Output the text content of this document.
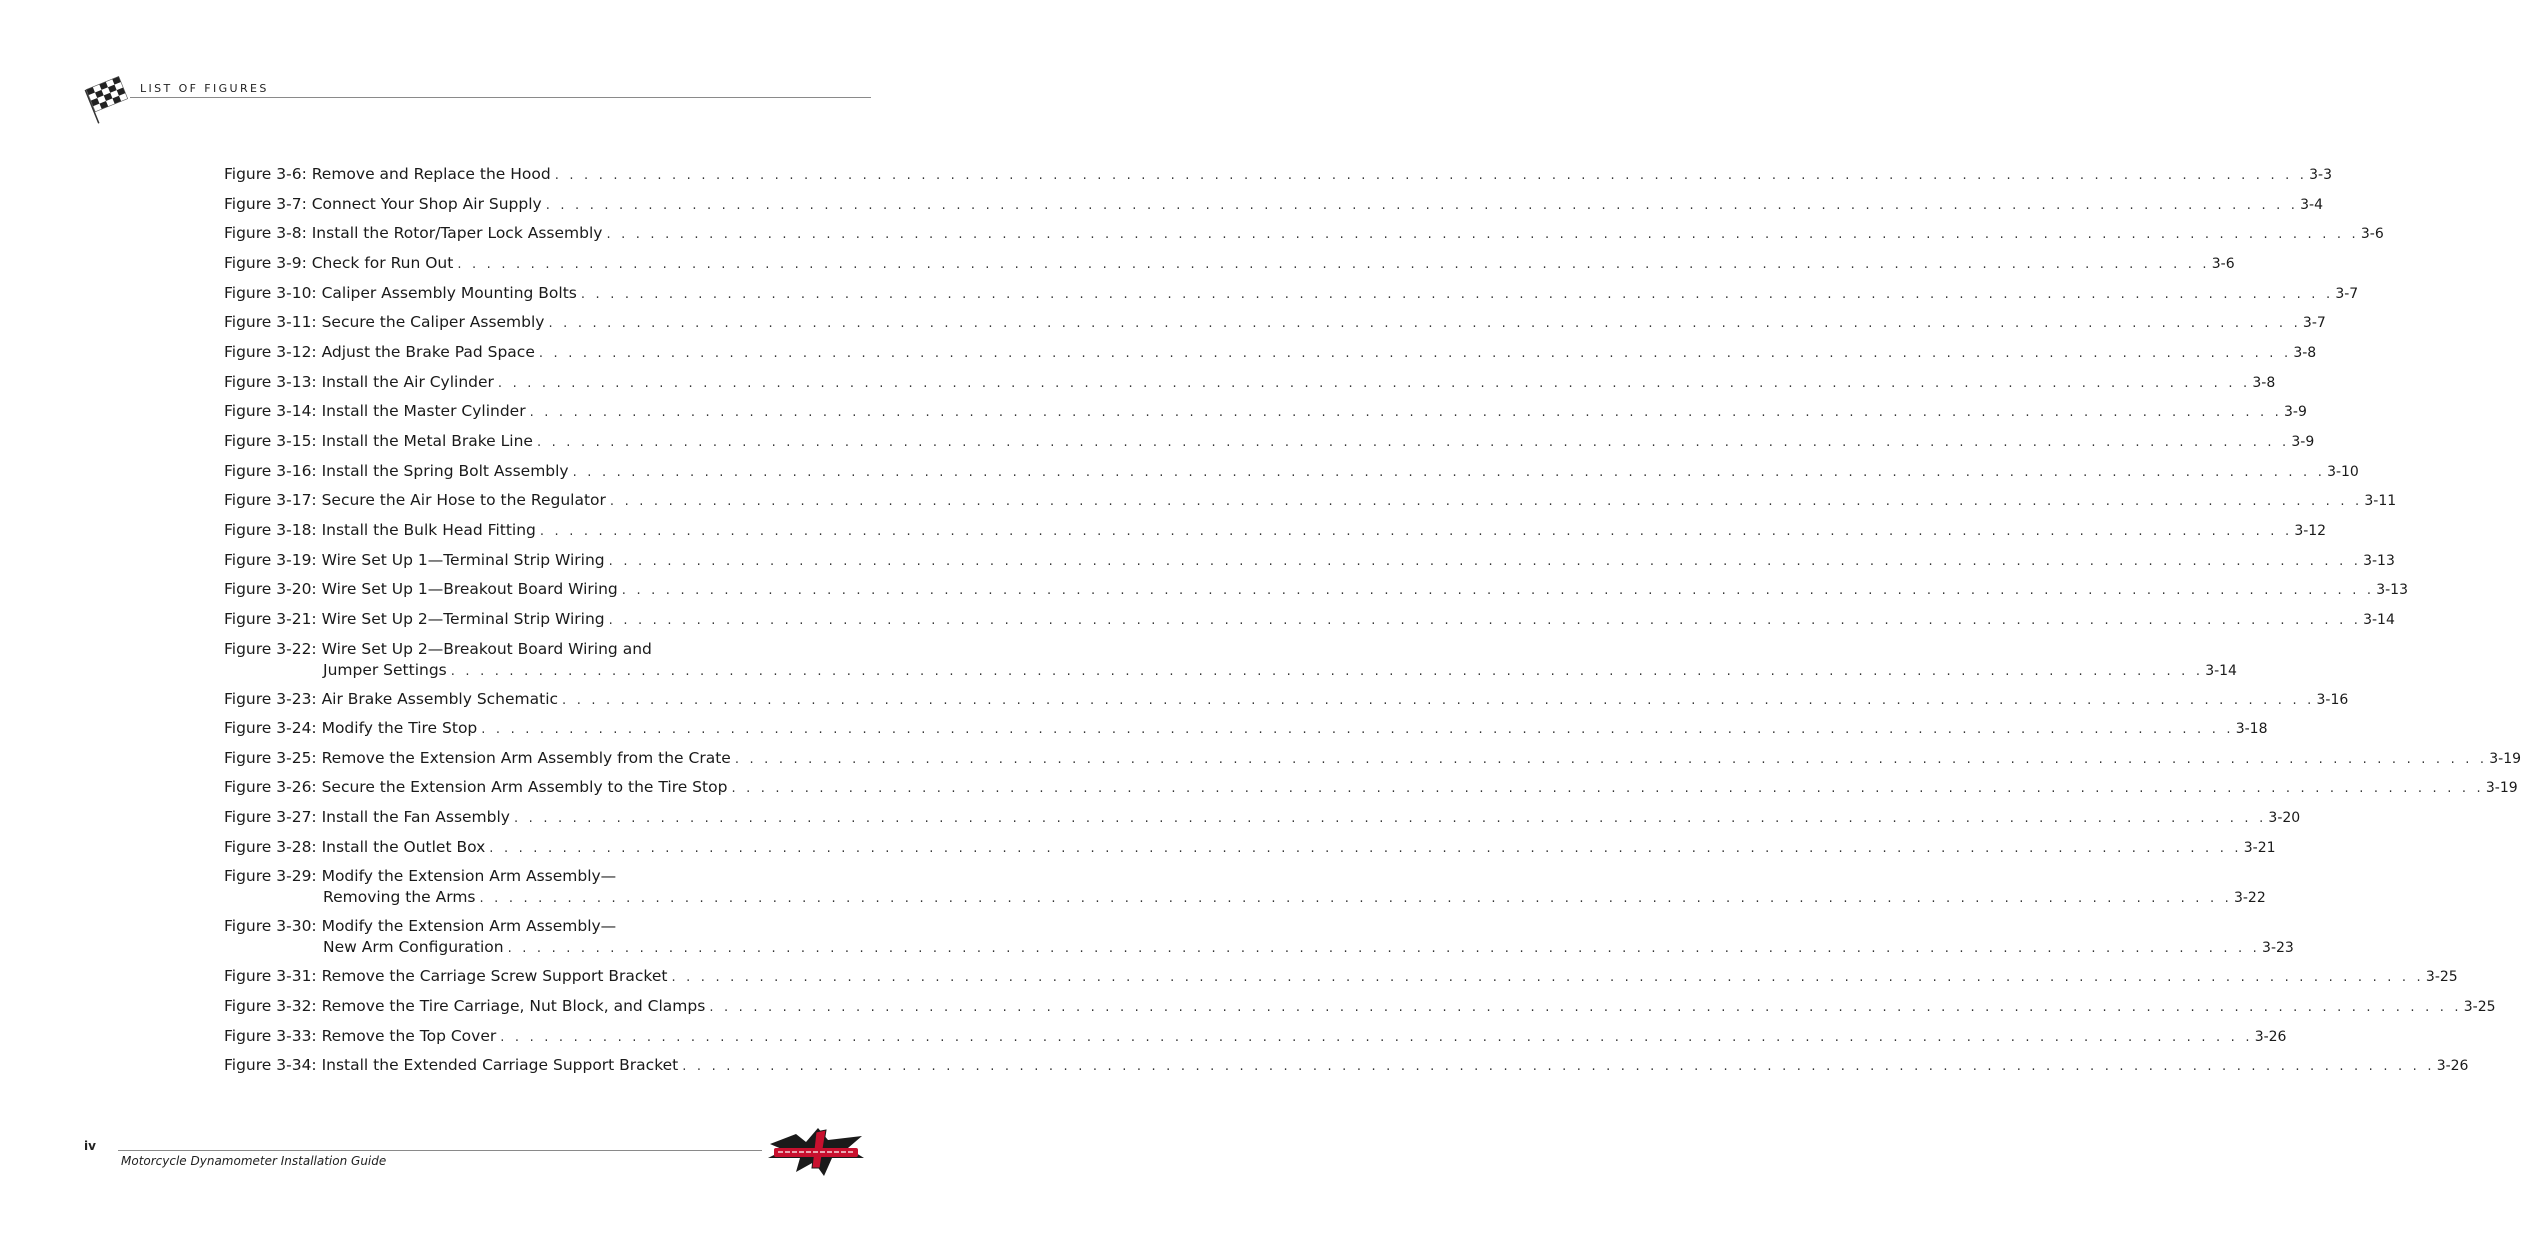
LIST OF FIGURES
Figure 3-6: Remove and Replace the Hood . . . . . . . . . . . . . . . . . . . . . . . . . . . . . . . . . . . . . . . . . . . . . . . . . . . . . . . . . . . . . . . . . . . . . . . . . . . . . . . . . . . . . . . . . . . . . . . . . . . . . . . . . . . . . . . . . . . . . . . . 3-3
Figure 3-7: Connect Your Shop Air Supply . . . . . . . . . . . . . . . . . . . . . . . . . . . . . . . . . . . . . . . . . . . . . . . . . . . . . . . . . . . . . . . . . . . . . . . . . . . . . . . . . . . . . . . . . . . . . . . . . . . . . . . . . . . . . . . . . . . . . . . . 3-4
Figure 3-8: Install the Rotor/Taper Lock Assembly . . . . . . . . . . . . . . . . . . . . . . . . . . . . . . . . . . . . . . . . . . . . . . . . . . . . . . . . . . . . . . . . . . . . . . . . . . . . . . . . . . . . . . . . . . . . . . . . . . . . . . . . . . . . . . . . . . . . . . . . 3-6
Figure 3-9: Check for Run Out . . . . . . . . . . . . . . . . . . . . . . . . . . . . . . . . . . . . . . . . . . . . . . . . . . . . . . . . . . . . . . . . . . . . . . . . . . . . . . . . . . . . . . . . . . . . . . . . . . . . . . . . . . . . . . . . . . . . . . . . 3-6
Figure 3-10: Caliper Assembly Mounting Bolts . . . . . . . . . . . . . . . . . . . . . . . . . . . . . . . . . . . . . . . . . . . . . . . . . . . . . . . . . . . . . . . . . . . . . . . . . . . . . . . . . . . . . . . . . . . . . . . . . . . . . . . . . . . . . . . . . . . . . . . . 3-7
Figure 3-11: Secure the Caliper Assembly . . . . . . . . . . . . . . . . . . . . . . . . . . . . . . . . . . . . . . . . . . . . . . . . . . . . . . . . . . . . . . . . . . . . . . . . . . . . . . . . . . . . . . . . . . . . . . . . . . . . . . . . . . . . . . . . . . . . . . . . 3-7
Figure 3-12: Adjust the Brake Pad Space . . . . . . . . . . . . . . . . . . . . . . . . . . . . . . . . . . . . . . . . . . . . . . . . . . . . . . . . . . . . . . . . . . . . . . . . . . . . . . . . . . . . . . . . . . . . . . . . . . . . . . . . . . . . . . . . . . . . . . . . 3-8
Figure 3-13: Install the Air Cylinder . . . . . . . . . . . . . . . . . . . . . . . . . . . . . . . . . . . . . . . . . . . . . . . . . . . . . . . . . . . . . . . . . . . . . . . . . . . . . . . . . . . . . . . . . . . . . . . . . . . . . . . . . . . . . . . . . . . . . . . . 3-8
Figure 3-14: Install the Master Cylinder . . . . . . . . . . . . . . . . . . . . . . . . . . . . . . . . . . . . . . . . . . . . . . . . . . . . . . . . . . . . . . . . . . . . . . . . . . . . . . . . . . . . . . . . . . . . . . . . . . . . . . . . . . . . . . . . . . . . . . . . 3-9
Figure 3-15: Install the Metal Brake Line . . . . . . . . . . . . . . . . . . . . . . . . . . . . . . . . . . . . . . . . . . . . . . . . . . . . . . . . . . . . . . . . . . . . . . . . . . . . . . . . . . . . . . . . . . . . . . . . . . . . . . . . . . . . . . . . . . . . . . . . 3-9
Figure 3-16: Install the Spring Bolt Assembly . . . . . . . . . . . . . . . . . . . . . . . . . . . . . . . . . . . . . . . . . . . . . . . . . . . . . . . . . . . . . . . . . . . . . . . . . . . . . . . . . . . . . . . . . . . . . . . . . . . . . . . . . . . . . . . . . . . . . . . . 3-10
Figure 3-17: Secure the Air Hose to the Regulator . . . . . . . . . . . . . . . . . . . . . . . . . . . . . . . . . . . . . . . . . . . . . . . . . . . . . . . . . . . . . . . . . . . . . . . . . . . . . . . . . . . . . . . . . . . . . . . . . . . . . . . . . . . . . . . . . . . . . . . . 3-11
Figure 3-18: Install the Bulk Head Fitting . . . . . . . . . . . . . . . . . . . . . . . . . . . . . . . . . . . . . . . . . . . . . . . . . . . . . . . . . . . . . . . . . . . . . . . . . . . . . . . . . . . . . . . . . . . . . . . . . . . . . . . . . . . . . . . . . . . . . . . . 3-12
Figure 3-19: Wire Set Up 1—Terminal Strip Wiring . . . . . . . . . . . . . . . . . . . . . . . . . . . . . . . . . . . . . . . . . . . . . . . . . . . . . . . . . . . . . . . . . . . . . . . . . . . . . . . . . . . . . . . . . . . . . . . . . . . . . . . . . . . . . . . . . . . . . . . . 3-13
Figure 3-20: Wire Set Up 1—Breakout Board Wiring . . . . . . . . . . . . . . . . . . . . . . . . . . . . . . . . . . . . . . . . . . . . . . . . . . . . . . . . . . . . . . . . . . . . . . . . . . . . . . . . . . . . . . . . . . . . . . . . . . . . . . . . . . . . . . . . . . . . . . . . 3-13
Figure 3-21: Wire Set Up 2—Terminal Strip Wiring . . . . . . . . . . . . . . . . . . . . . . . . . . . . . . . . . . . . . . . . . . . . . . . . . . . . . . . . . . . . . . . . . . . . . . . . . . . . . . . . . . . . . . . . . . . . . . . . . . . . . . . . . . . . . . . . . . . . . . . . 3-14
Figure 3-22: Wire Set Up 2—Breakout Board Wiring and
Jumper Settings . . . . . . . . . . . . . . . . . . . . . . . . . . . . . . . . . . . . . . . . . . . . . . . . . . . . . . . . . . . . . . . . . . . . . . . . . . . . . . . . . . . . . . . . . . . . . . . . . . . . . . . . . . . . . . . . . . . . . . . . 3-14
Figure 3-23: Air Brake Assembly Schematic . . . . . . . . . . . . . . . . . . . . . . . . . . . . . . . . . . . . . . . . . . . . . . . . . . . . . . . . . . . . . . . . . . . . . . . . . . . . . . . . . . . . . . . . . . . . . . . . . . . . . . . . . . . . . . . . . . . . . . . . 3-16
Figure 3-24: Modify the Tire Stop . . . . . . . . . . . . . . . . . . . . . . . . . . . . . . . . . . . . . . . . . . . . . . . . . . . . . . . . . . . . . . . . . . . . . . . . . . . . . . . . . . . . . . . . . . . . . . . . . . . . . . . . . . . . . . . . . . . . . . . . 3-18
Figure 3-25: Remove the Extension Arm Assembly from the Crate . . . . . . . . . . . . . . . . . . . . . . . . . . . . . . . . . . . . . . . . . . . . . . . . . . . . . . . . . . . . . . . . . . . . . . . . . . . . . . . . . . . . . . . . . . . . . . . . . . . . . . . . . . . . . . . . . . . . . . . . 3-19
Figure 3-26: Secure the Extension Arm Assembly to the Tire Stop . . . . . . . . . . . . . . . . . . . . . . . . . . . . . . . . . . . . . . . . . . . . . . . . . . . . . . . . . . . . . . . . . . . . . . . . . . . . . . . . . . . . . . . . . . . . . . . . . . . . . . . . . . . . . . . . . . . . . . . . 3-19
Figure 3-27: Install the Fan Assembly . . . . . . . . . . . . . . . . . . . . . . . . . . . . . . . . . . . . . . . . . . . . . . . . . . . . . . . . . . . . . . . . . . . . . . . . . . . . . . . . . . . . . . . . . . . . . . . . . . . . . . . . . . . . . . . . . . . . . . . . 3-20
Figure 3-28: Install the Outlet Box . . . . . . . . . . . . . . . . . . . . . . . . . . . . . . . . . . . . . . . . . . . . . . . . . . . . . . . . . . . . . . . . . . . . . . . . . . . . . . . . . . . . . . . . . . . . . . . . . . . . . . . . . . . . . . . . . . . . . . . . 3-21
Figure 3-29: Modify the Extension Arm Assembly—
Removing the Arms . . . . . . . . . . . . . . . . . . . . . . . . . . . . . . . . . . . . . . . . . . . . . . . . . . . . . . . . . . . . . . . . . . . . . . . . . . . . . . . . . . . . . . . . . . . . . . . . . . . . . . . . . . . . . . . . . . . . . . . . 3-22
Figure 3-30: Modify the Extension Arm Assembly—
New Arm Configuration . . . . . . . . . . . . . . . . . . . . . . . . . . . . . . . . . . . . . . . . . . . . . . . . . . . . . . . . . . . . . . . . . . . . . . . . . . . . . . . . . . . . . . . . . . . . . . . . . . . . . . . . . . . . . . . . . . . . . . . . 3-23
Figure 3-31: Remove the Carriage Screw Support Bracket . . . . . . . . . . . . . . . . . . . . . . . . . . . . . . . . . . . . . . . . . . . . . . . . . . . . . . . . . . . . . . . . . . . . . . . . . . . . . . . . . . . . . . . . . . . . . . . . . . . . . . . . . . . . . . . . . . . . . . . . 3-25
Figure 3-32: Remove the Tire Carriage, Nut Block, and Clamps . . . . . . . . . . . . . . . . . . . . . . . . . . . . . . . . . . . . . . . . . . . . . . . . . . . . . . . . . . . . . . . . . . . . . . . . . . . . . . . . . . . . . . . . . . . . . . . . . . . . . . . . . . . . . . . . . . . . . . . . 3-25
Figure 3-33: Remove the Top Cover . . . . . . . . . . . . . . . . . . . . . . . . . . . . . . . . . . . . . . . . . . . . . . . . . . . . . . . . . . . . . . . . . . . . . . . . . . . . . . . . . . . . . . . . . . . . . . . . . . . . . . . . . . . . . . . . . . . . . . . . 3-26
Figure 3-34: Install the Extended Carriage Support Bracket . . . . . . . . . . . . . . . . . . . . . . . . . . . . . . . . . . . . . . . . . . . . . . . . . . . . . . . . . . . . . . . . . . . . . . . . . . . . . . . . . . . . . . . . . . . . . . . . . . . . . . . . . . . . . . . . . . . . . . . . 3-26
iv
Motorcycle Dynamometer Installation Guide
